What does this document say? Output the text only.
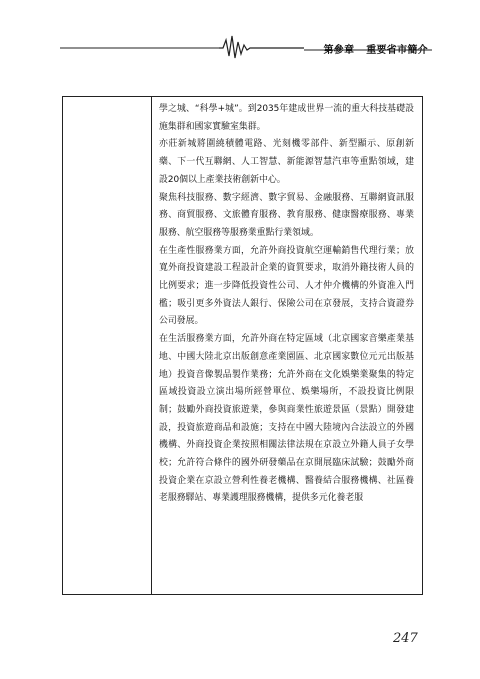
第參章 重要省市簡介

學之城、“科學+城”。到2035年建成世界一流的重大科技基礎設施集群和國家實驗室集群。

亦莊新城將圍繞積體電路、光刻機零部件、新型顯示、原創新藥、下一代互聯網、人工智慧、新能源智慧汽車等重點領域，建設20個以上產業技術創新中心。

聚焦科技服務、數字經濟、數字貿易、金融服務、互聯網資訊服務、商貿服務、文旅體育服務、教育服務、健康醫療服務、專業服務、航空服務等服務業重點行業領域。

在生產性服務業方面，允許外商投資航空運輸銷售代理行業；放寬外商投資建設工程設計企業的資質要求，取消外籍技術人員的比例要求；進一步降低投資性公司、人才仲介機構的外資准入門檻；吸引更多外資法人銀行、保險公司在京發展，支持合資證券公司發展。

在生活服務業方面，允許外商在特定區域（北京國家音樂產業基地、中國大陸北京出版創意產業園區、北京國家數位元元出版基地）投資音像製品製作業務；允許外商在文化娛樂業聚集的特定區域投資設立演出場所經營單位、娛樂場所，不設投資比例限制；鼓勵外商投資旅遊業，參與商業性旅遊景區（景點）開發建設，投資旅遊商品和設施；支持在中國大陸境內合法設立的外國機構、外商投資企業按照相關法律法規在京設立外籍人員子女學校；允許符合條件的國外研發藥品在京開展臨床試驗；鼓勵外商投資企業在京設立營利性養老機構、醫養結合服務機構、社區養老服務驛站、專業護理服務機構，提供多元化養老服

247
